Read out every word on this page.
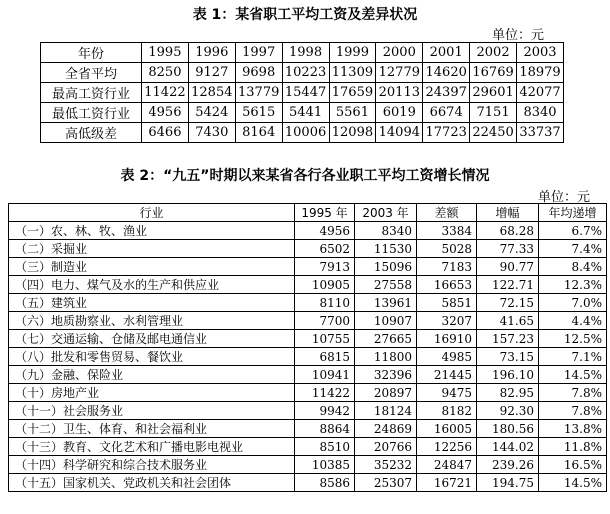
表 1：某省职工平均工资及差异状况
单位：元
年份	1995	1996	1997	1998	1999	2000	2001	2002	2003
全省平均	8250	9127	9698	10223	11309	12779	14620	16769	18979
最高工资行业	11422	12854	13779	15447	17659	20113	24397	29601	42077
最低工资行业	4956	5424	5615	5441	5561	6019	6674	7151	8340
高低级差	6466	7430	8164	10006	12098	14094	17723	22450	33737
表 2：“九五”时期以来某省各行各业职工平均工资增长情况
单位：元
行业	1995 年	2003 年	差额	增幅	年均递增
（一）农、林、牧、渔业	4956	8340	3384	68.28	6.7%
（二）采掘业	6502	11530	5028	77.33	7.4%
（三）制造业	7913	15096	7183	90.77	8.4%
（四）电力、煤气及水的生产和供应业	10905	27558	16653	122.71	12.3%
（五）建筑业	8110	13961	5851	72.15	7.0%
（六）地质勘察业、水利管理业	7700	10907	3207	41.65	4.4%
（七）交通运输、仓储及邮电通信业	10755	27665	16910	157.23	12.5%
（八）批发和零售贸易、餐饮业	6815	11800	4985	73.15	7.1%
（九）金融、保险业	10941	32396	21445	196.10	14.5%
（十）房地产业	11422	20897	9475	82.95	7.8%
（十一）社会服务业	9942	18124	8182	92.30	7.8%
（十二）卫生、体育、和社会福利业	8864	24869	16005	180.56	13.8%
（十三）教育、文化艺术和广播电影电视业	8510	20766	12256	144.02	11.8%
（十四）科学研究和综合技术服务业	10385	35232	24847	239.26	16.5%
（十五）国家机关、党政机关和社会团体	8586	25307	16721	194.75	14.5%
